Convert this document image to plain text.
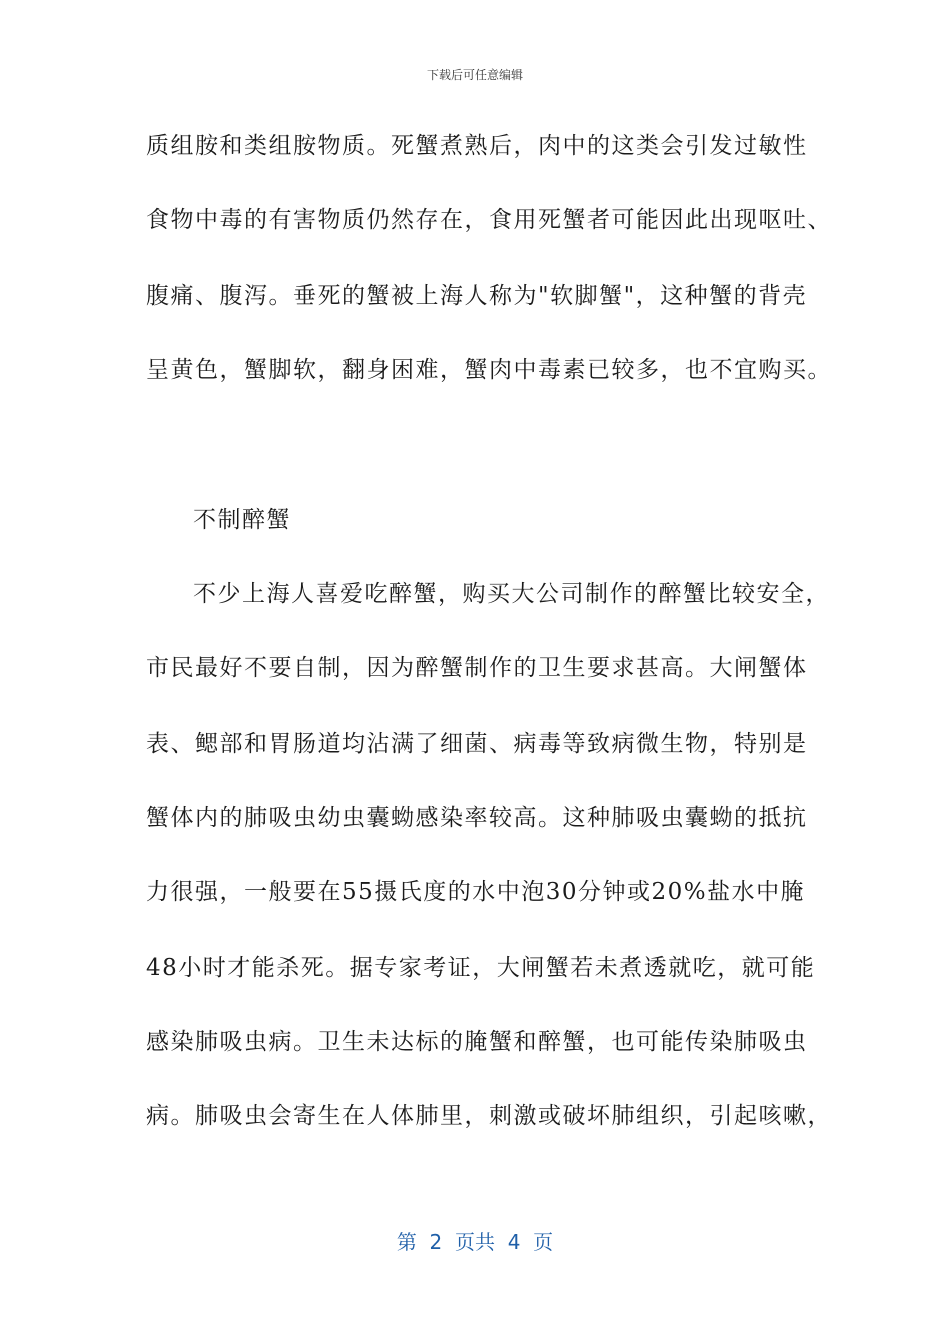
下载后可任意编辑
质组胺和类组胺物质。死蟹煮熟后，肉中的这类会引发过敏性
食物中毒的有害物质仍然存在，食用死蟹者可能因此出现呕吐、
腹痛、腹泻。垂死的蟹被上海人称为"软脚蟹"，这种蟹的背壳
呈黄色，蟹脚软，翻身困难，蟹肉中毒素已较多，也不宜购买。
不制醉蟹
不少上海人喜爱吃醉蟹，购买大公司制作的醉蟹比较安全，
市民最好不要自制，因为醉蟹制作的卫生要求甚高。大闸蟹体
表、鳃部和胃肠道均沾满了细菌、病毒等致病微生物，特别是
蟹体内的肺吸虫幼虫囊蚴感染率较高。这种肺吸虫囊蚴的抵抗
力很强，一般要在55摄氏度的水中泡30分钟或20%盐水中腌
48小时才能杀死。据专家考证，大闸蟹若未煮透就吃，就可能
感染肺吸虫病。卫生未达标的腌蟹和醉蟹，也可能传染肺吸虫
病。肺吸虫会寄生在人体肺里，刺激或破坏肺组织，引起咳嗽，
第  2  页共  4  页
